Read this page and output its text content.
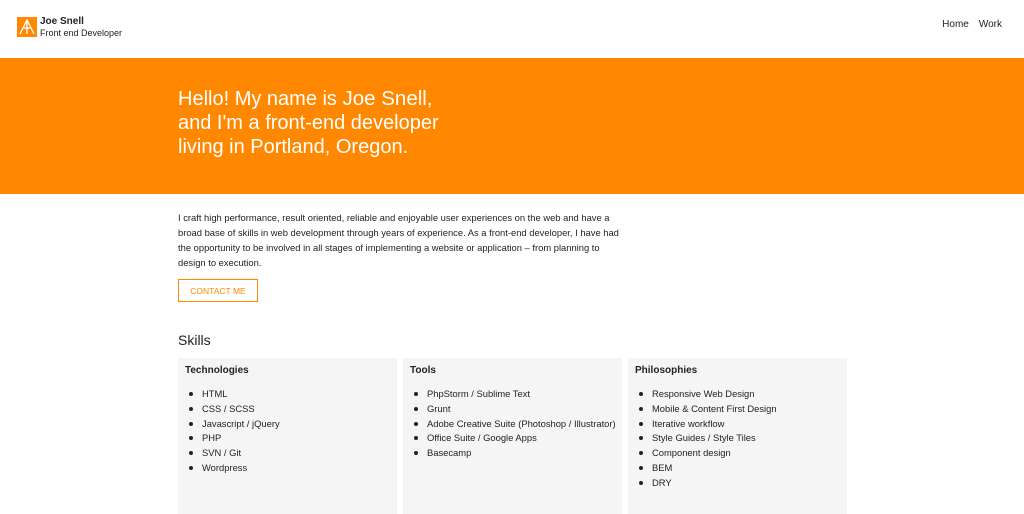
Joe Snell
Front end Developer
Home Work
Hello! My name is Joe Snell,
and I'm a front-end developer
living in Portland, Oregon.

I craft high performance, result oriented, reliable and enjoyable user experiences on the web and have a broad base of skills in web development through years of experience. As a front-end developer, I have had the opportunity to be involved in all stages of implementing a website or application – from planning to design to execution.

CONTACT ME
Skills
Technologies
HTML
CSS / SCSS
Javascript / jQuery
PHP
SVN / Git
Wordpress
Tools
PhpStorm / Sublime Text
Grunt
Adobe Creative Suite (Photoshop / Illustrator)
Office Suite / Google Apps
Basecamp
Philosophies
Responsive Web Design
Mobile & Content First Design
Iterative workflow
Style Guides / Style Tiles
Component design
BEM
DRY
